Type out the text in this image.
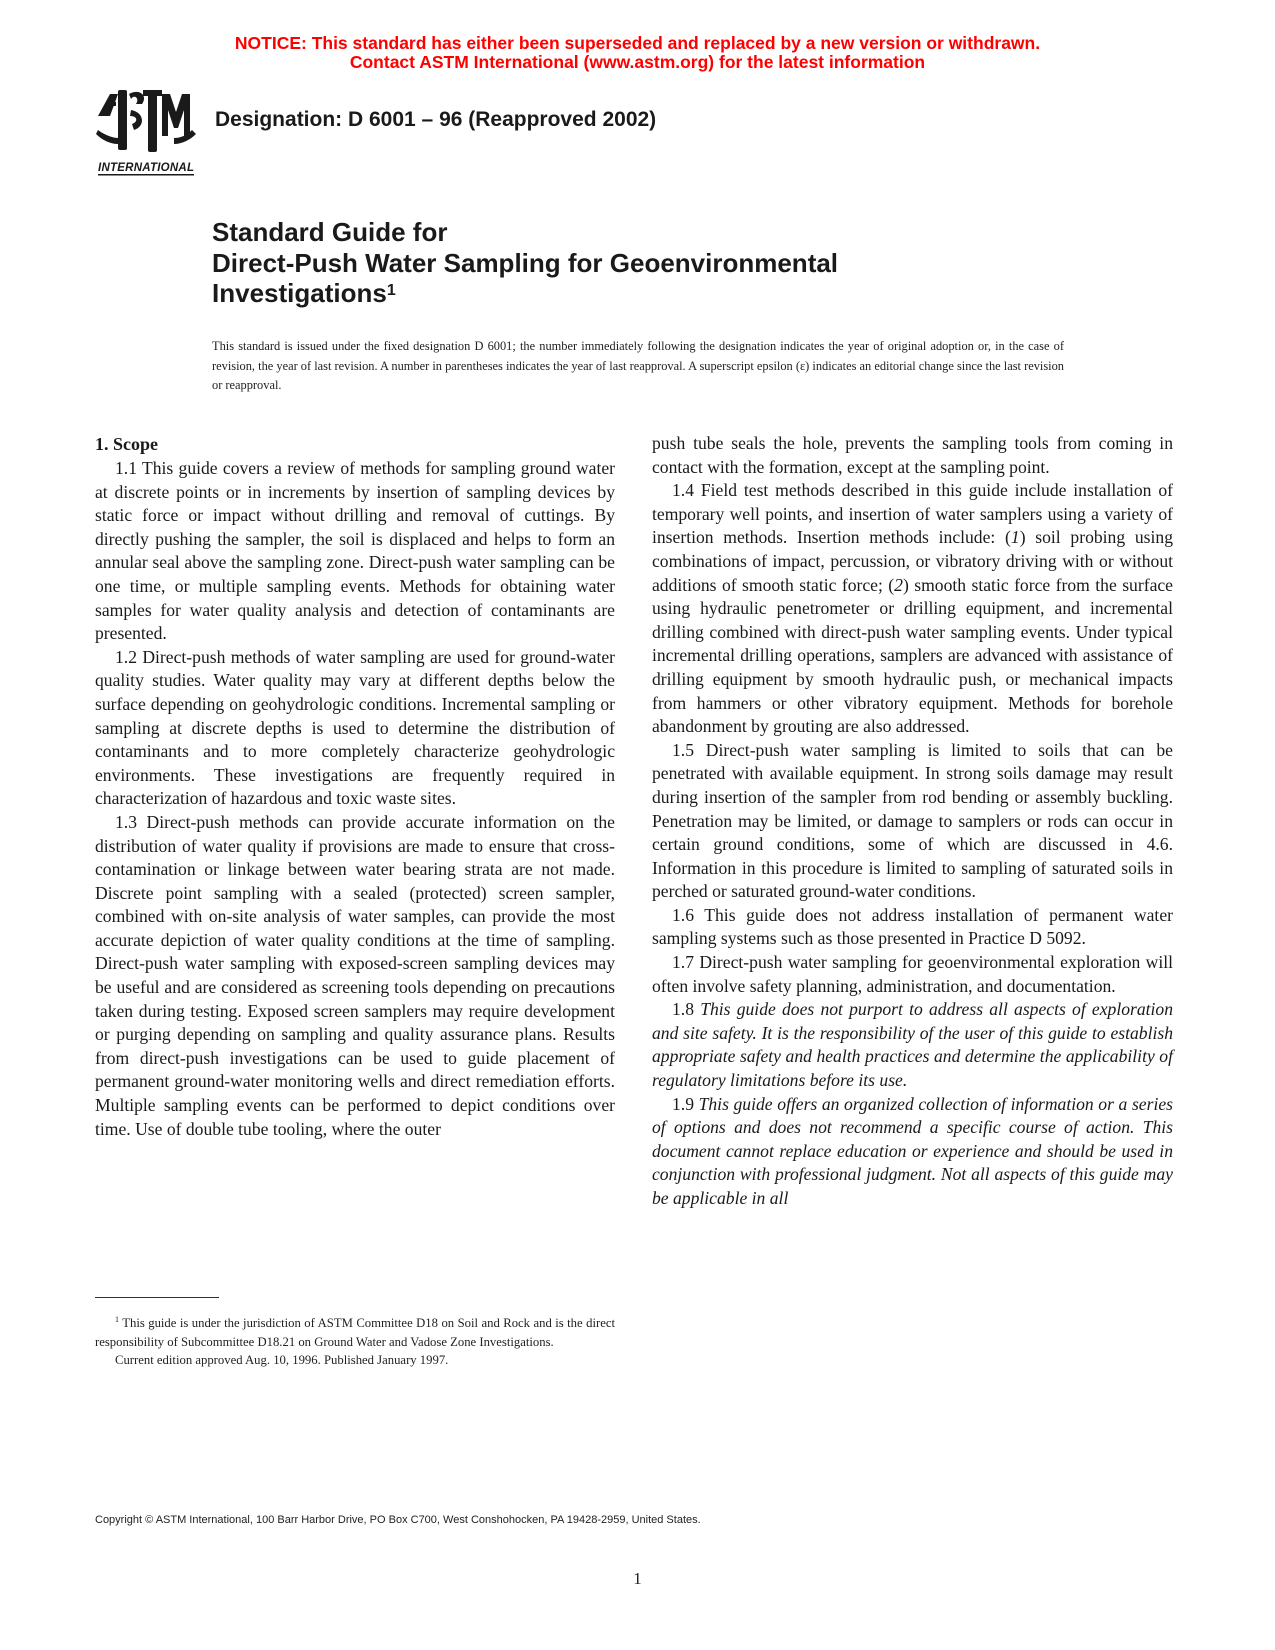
NOTICE: This standard has either been superseded and replaced by a new version or withdrawn.
Contact ASTM International (www.astm.org) for the latest information
INTERNATIONAL
Designation: D 6001 – 96 (Reapproved 2002)
Standard Guide for
Direct-Push Water Sampling for Geoenvironmental
Investigations$^1$
This standard is issued under the fixed designation D 6001; the number immediately following the designation indicates the year of original adoption or, in the case of revision, the year of last revision. A number in parentheses indicates the year of last reapproval. A superscript epsilon (ε) indicates an editorial change since the last revision or reapproval.
1. Scope

1.1 This guide covers a review of methods for sampling ground water at discrete points or in increments by insertion of sampling devices by static force or impact without drilling and removal of cuttings. By directly pushing the sampler, the soil is displaced and helps to form an annular seal above the sampling zone. Direct-push water sampling can be one time, or multiple sampling events. Methods for obtaining water samples for water quality analysis and detection of contaminants are presented.

1.2 Direct-push methods of water sampling are used for ground-water quality studies. Water quality may vary at different depths below the surface depending on geohydrologic conditions. Incremental sampling or sampling at discrete depths is used to determine the distribution of contaminants and to more completely characterize geohydrologic environments. These investigations are frequently required in characterization of hazardous and toxic waste sites.

1.3 Direct-push methods can provide accurate information on the distribution of water quality if provisions are made to ensure that cross-contamination or linkage between water bearing strata are not made. Discrete point sampling with a sealed (protected) screen sampler, combined with on-site analysis of water samples, can provide the most accurate depiction of water quality conditions at the time of sampling. Direct-push water sampling with exposed-screen sampling devices may be useful and are considered as screening tools depending on precautions taken during testing. Exposed screen samplers may require development or purging depending on sampling and quality assurance plans. Results from direct-push investigations can be used to guide placement of permanent ground-water monitoring wells and direct remediation efforts. Multiple sampling events can be performed to depict conditions over time. Use of double tube tooling, where the outer

push tube seals the hole, prevents the sampling tools from coming in contact with the formation, except at the sampling point.

1.4 Field test methods described in this guide include installation of temporary well points, and insertion of water samplers using a variety of insertion methods. Insertion methods include: (1) soil probing using combinations of impact, percussion, or vibratory driving with or without additions of smooth static force; (2) smooth static force from the surface using hydraulic penetrometer or drilling equipment, and incremental drilling combined with direct-push water sampling events. Under typical incremental drilling operations, samplers are advanced with assistance of drilling equipment by smooth hydraulic push, or mechanical impacts from hammers or other vibratory equipment. Methods for borehole abandonment by grouting are also addressed.

1.5 Direct-push water sampling is limited to soils that can be penetrated with available equipment. In strong soils damage may result during insertion of the sampler from rod bending or assembly buckling. Penetration may be limited, or damage to samplers or rods can occur in certain ground conditions, some of which are discussed in 4.6. Information in this procedure is limited to sampling of saturated soils in perched or saturated ground-water conditions.

1.6 This guide does not address installation of permanent water sampling systems such as those presented in Practice D 5092.

1.7 Direct-push water sampling for geoenvironmental exploration will often involve safety planning, administration, and documentation.

1.8 This guide does not purport to address all aspects of exploration and site safety. It is the responsibility of the user of this guide to establish appropriate safety and health practices and determine the applicability of regulatory limitations before its use.

1.9 This guide offers an organized collection of information or a series of options and does not recommend a specific course of action. This document cannot replace education or experience and should be used in conjunction with professional judgment. Not all aspects of this guide may be applicable in all

$^1$ This guide is under the jurisdiction of ASTM Committee D18 on Soil and Rock and is the direct responsibility of Subcommittee D18.21 on Ground Water and Vadose Zone Investigations.

Current edition approved Aug. 10, 1996. Published January 1997.

Copyright © ASTM International, 100 Barr Harbor Drive, PO Box C700, West Conshohocken, PA 19428-2959, United States.
1
